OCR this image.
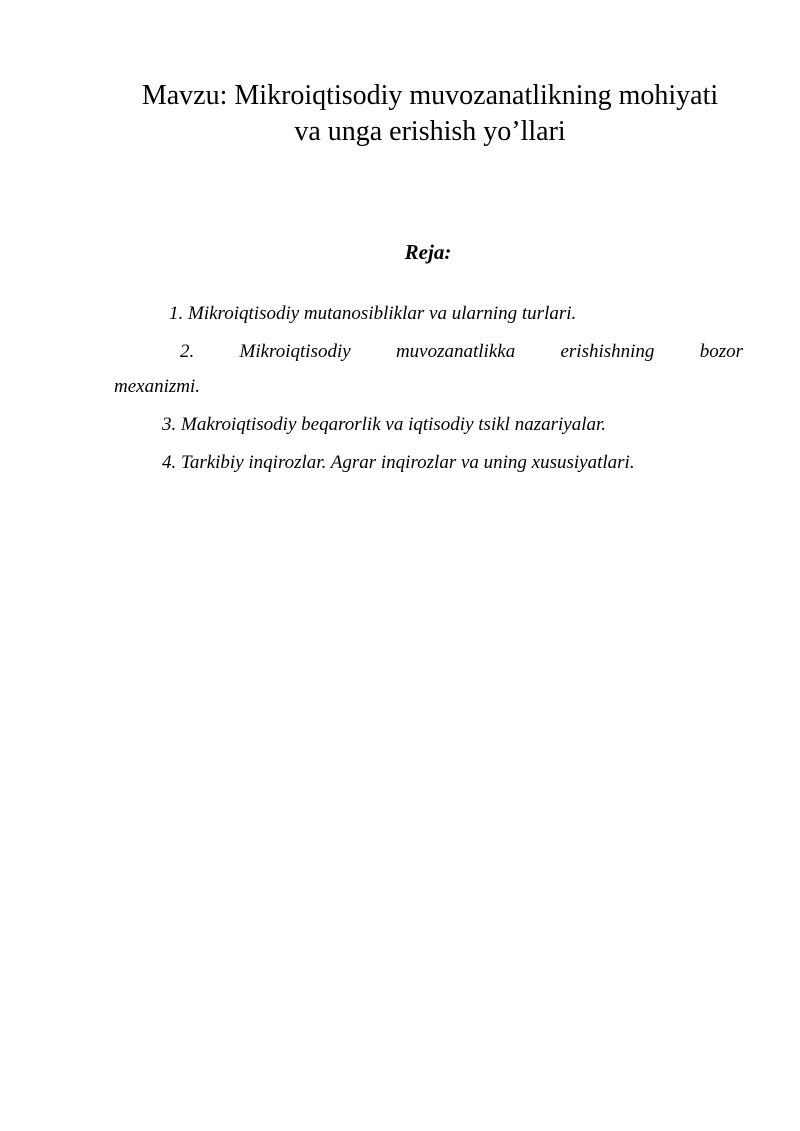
Mavzu: Mikroiqtisodiy muvozanatlikning mohiyati
va unga erishish yo’llari
Reja:
1. Mikroiqtisodiy mutanosibliklar va ularning turlari.
2. Mikroiqtisodiy muvozanatlikka erishishning bozor
mexanizmi.
3. Makroiqtisodiy beqarorlik va iqtisodiy tsikl nazariyalar.
4. Tarkibiy inqirozlar. Agrar inqirozlar va uning xususiyatlari.
